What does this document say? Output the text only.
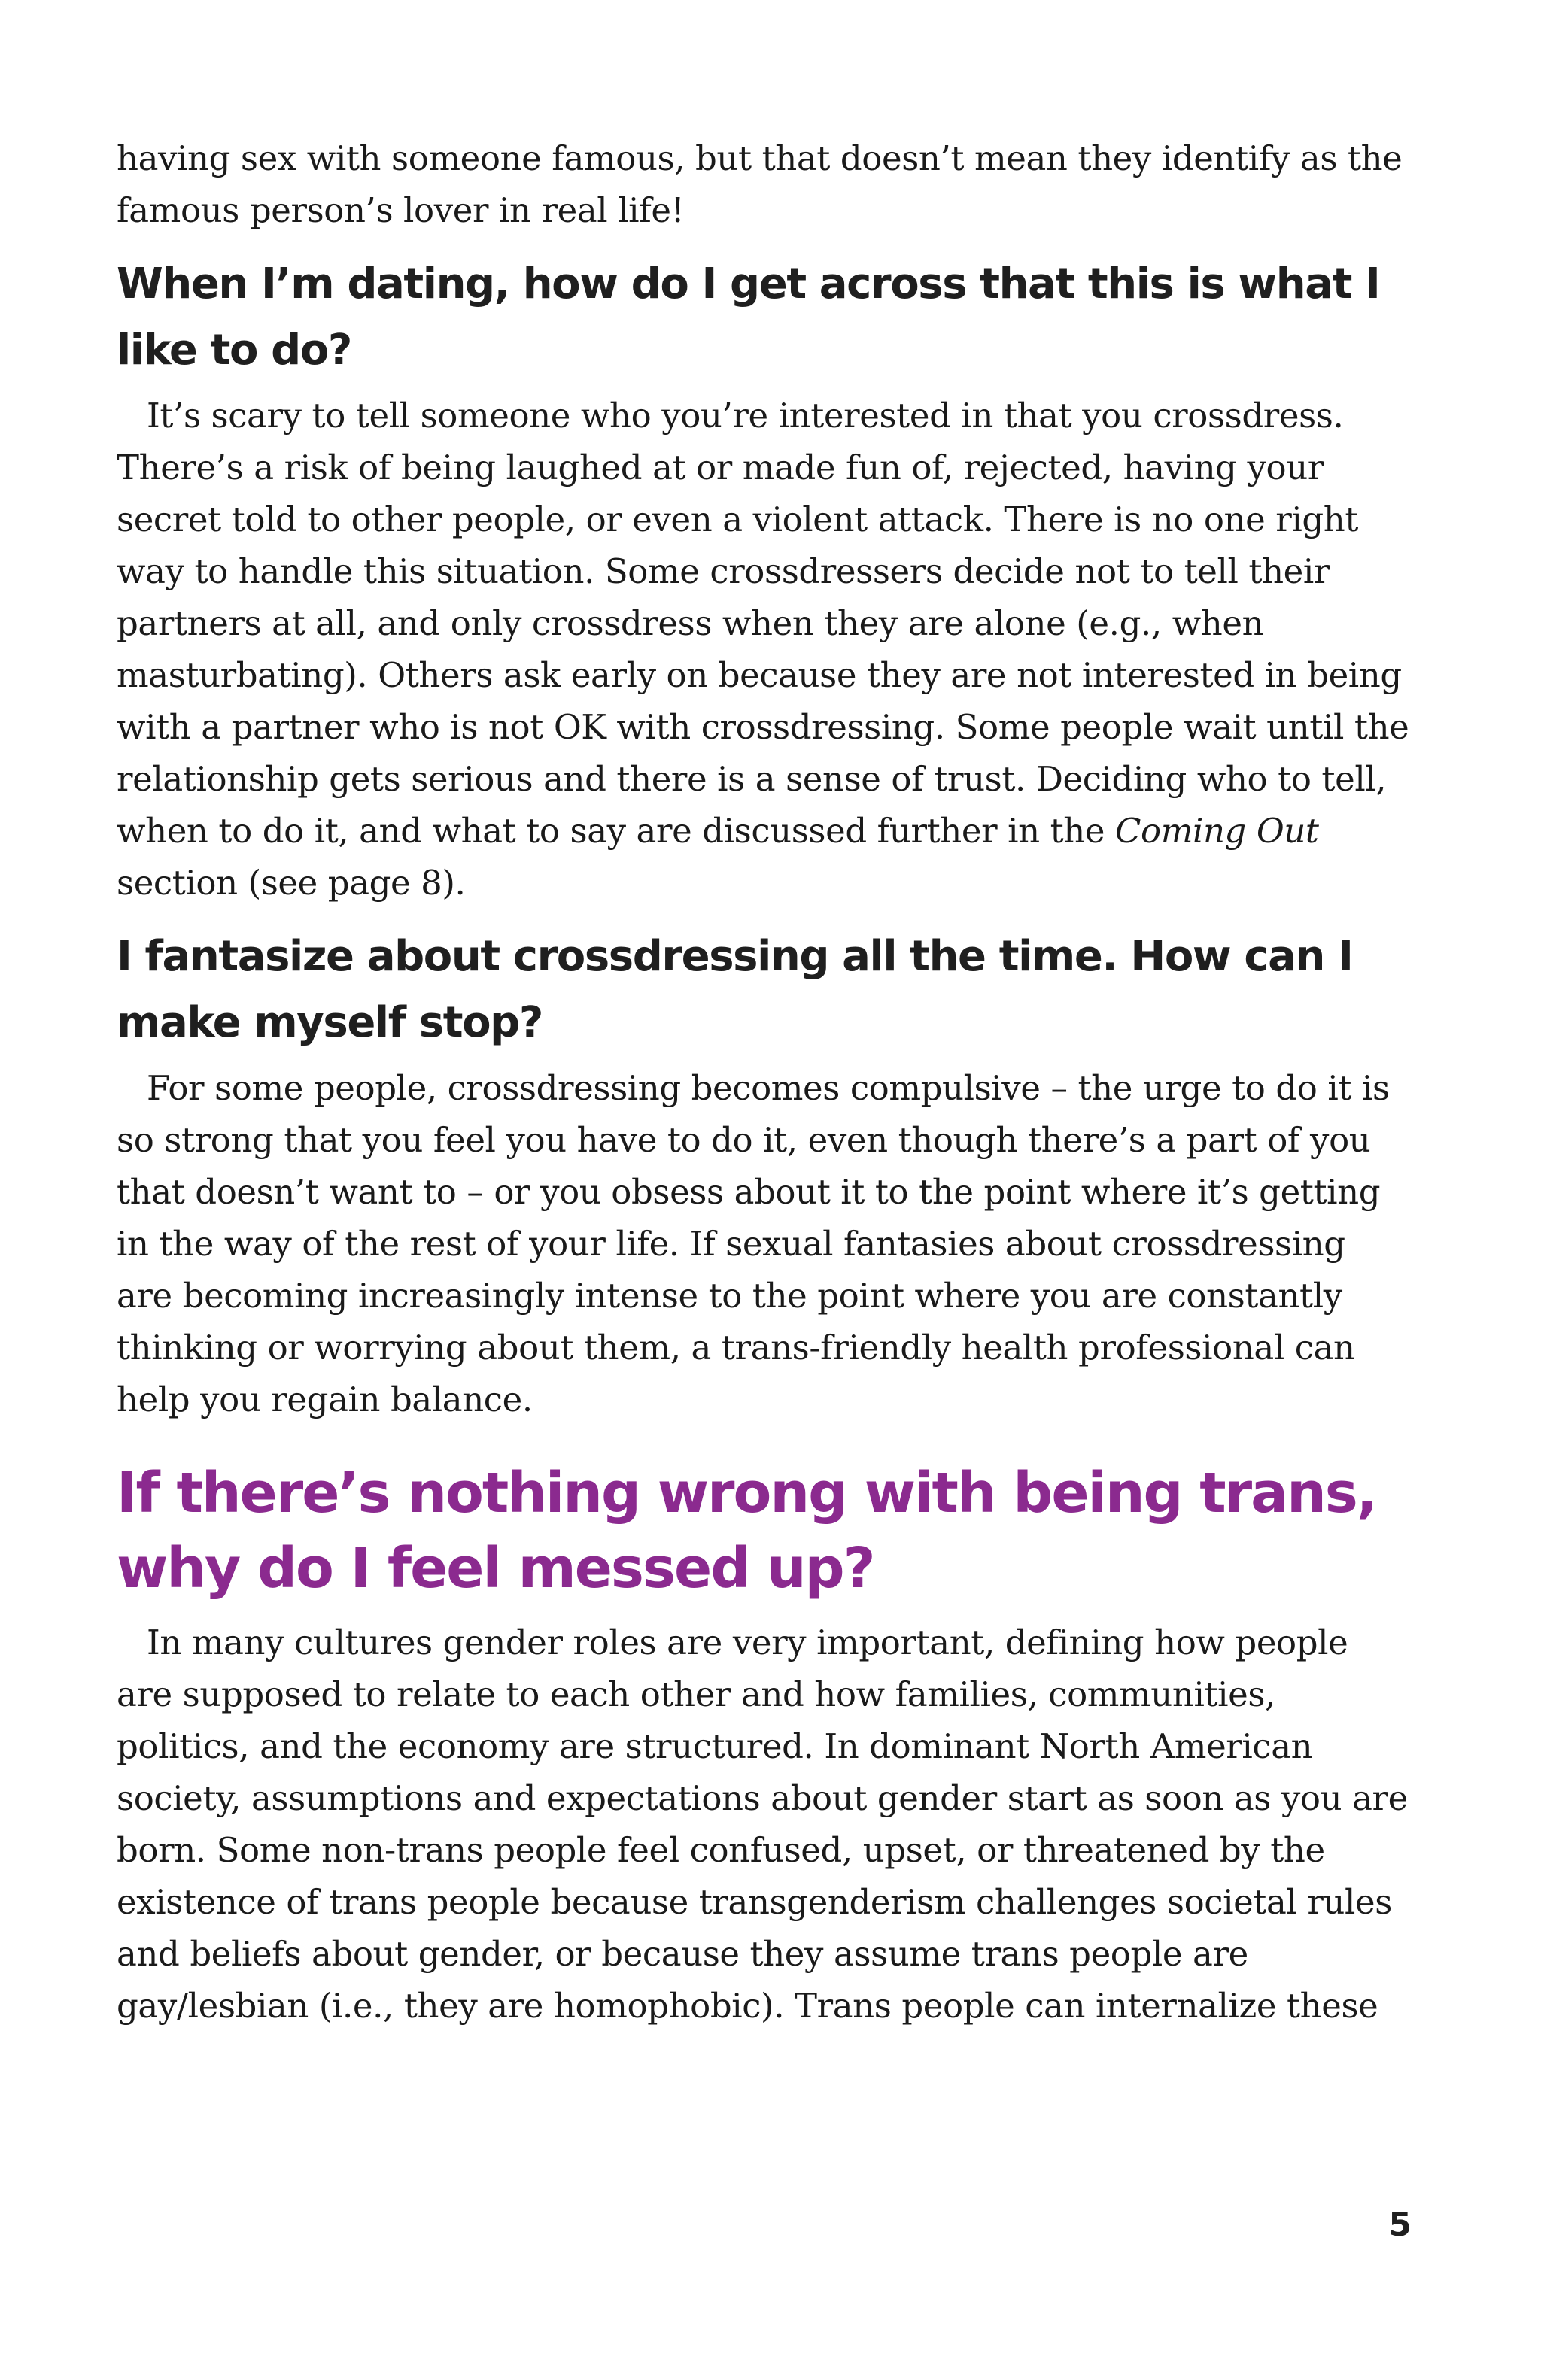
having sex with someone famous, but that doesn’t mean they identify as the famous person’s lover in real life!

When I’m dating, how do I get across that this is what I like to do?

It’s scary to tell someone who you’re interested in that you crossdress. There’s a risk of being laughed at or made fun of, rejected, having your secret told to other people, or even a violent attack. There is no one right way to handle this situation. Some crossdressers decide not to tell their partners at all, and only crossdress when they are alone (e.g., when masturbating). Others ask early on because they are not interested in being with a partner who is not OK with crossdressing. Some people wait until the relationship gets serious and there is a sense of trust. Deciding who to tell, when to do it, and what to say are discussed further in the Coming Out section (see page 8).

I fantasize about crossdressing all the time. How can I make myself stop?

For some people, crossdressing becomes compulsive – the urge to do it is so strong that you feel you have to do it, even though there’s a part of you that doesn’t want to – or you obsess about it to the point where it’s getting in the way of the rest of your life. If sexual fantasies about crossdressing are becoming increasingly intense to the point where you are constantly thinking or worrying about them, a trans-friendly health professional can help you regain balance.

If there’s nothing wrong with being trans, why do I feel messed up?

In many cultures gender roles are very important, defining how people are supposed to relate to each other and how families, communities, politics, and the economy are structured. In dominant North American society, assumptions and expectations about gender start as soon as you are born. Some non-trans people feel confused, upset, or threatened by the existence of trans people because transgenderism challenges societal rules and beliefs about gender, or because they assume trans people are gay/lesbian (i.e., they are homophobic). Trans people can internalize these

5
